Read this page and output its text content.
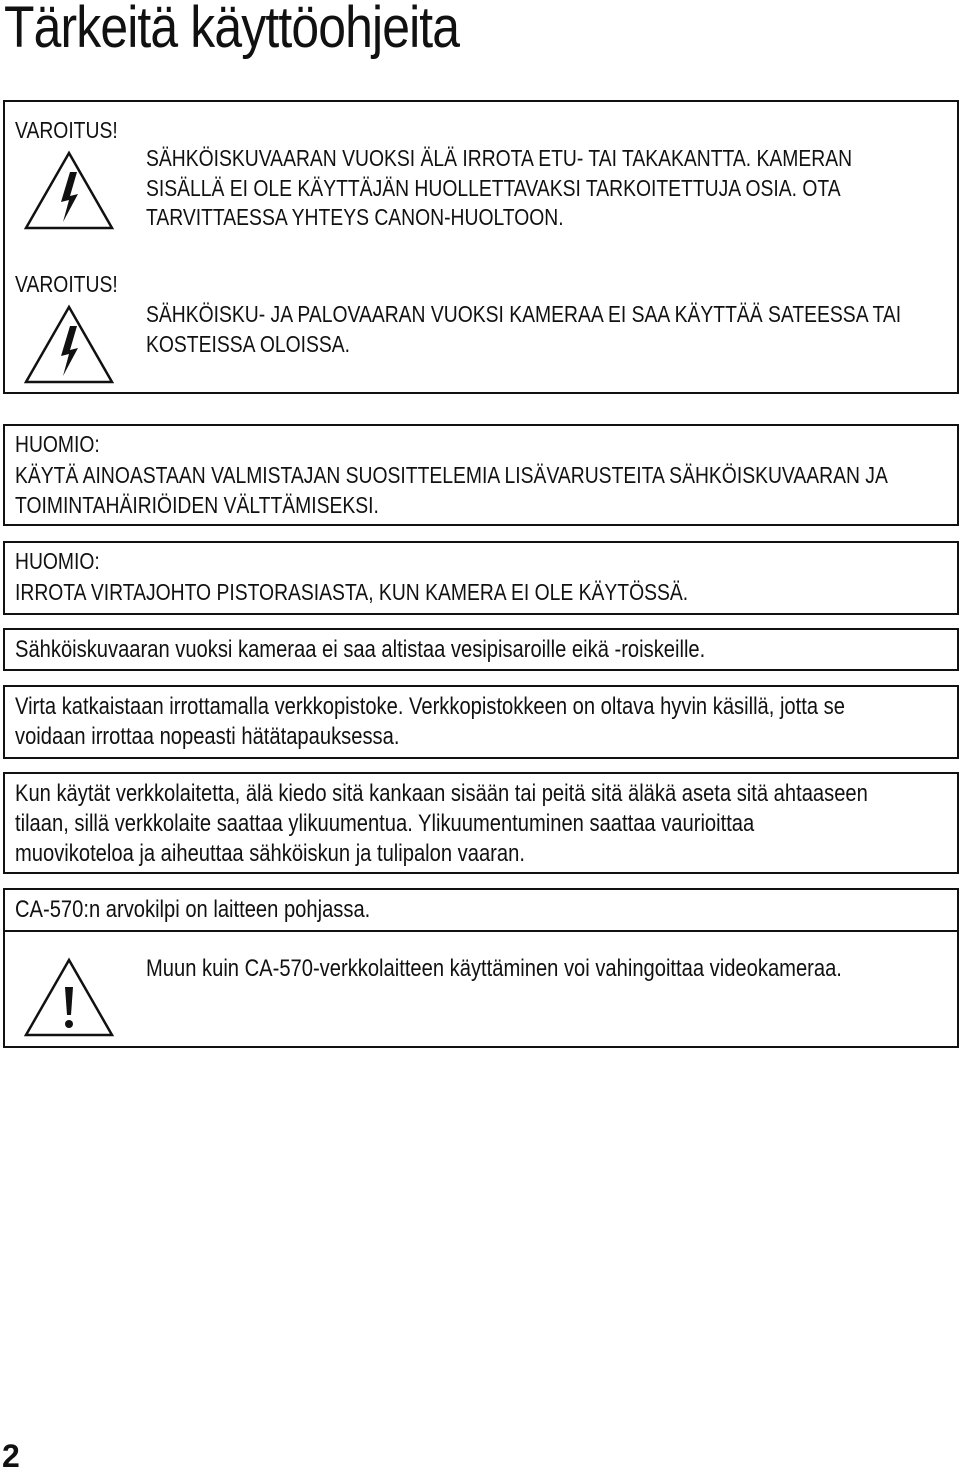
Tärkeitä käyttöohjeita
VAROITUS!
SÄHKÖISKUVAARAN VUOKSI ÄLÄ IRROTA ETU- TAI TAKAKANTTA. KAMERAN
SISÄLLÄ EI OLE KÄYTTÄJÄN HUOLLETTAVAKSI TARKOITETTUJA OSIA. OTA
TARVITTAESSA YHTEYS CANON-HUOLTOON.
VAROITUS!
SÄHKÖISKU- JA PALOVAARAN VUOKSI KAMERAA EI SAA KÄYTTÄÄ SATEESSA TAI
KOSTEISSA OLOISSA.
HUOMIO:
KÄYTÄ AINOASTAAN VALMISTAJAN SUOSITTELEMIA LISÄVARUSTEITA SÄHKÖISKUVAARAN JA
TOIMINTAHÄIRIÖIDEN VÄLTTÄMISEKSI.
HUOMIO:
IRROTA VIRTAJOHTO PISTORASIASTA, KUN KAMERA EI OLE KÄYTÖSSÄ.
Sähköiskuvaaran vuoksi kameraa ei saa altistaa vesipisaroille eikä -roiskeille.
Virta katkaistaan irrottamalla verkkopistoke. Verkkopistokkeen on oltava hyvin käsillä, jotta se
voidaan irrottaa nopeasti hätätapauksessa.
Kun käytät verkkolaitetta, älä kiedo sitä kankaan sisään tai peitä sitä äläkä aseta sitä ahtaaseen
tilaan, sillä verkkolaite saattaa ylikuumentua. Ylikuumentuminen saattaa vaurioittaa
muovikoteloa ja aiheuttaa sähköiskun ja tulipalon vaaran.
CA-570:n arvokilpi on laitteen pohjassa.
Muun kuin CA-570-verkkolaitteen käyttäminen voi vahingoittaa videokameraa.
2
